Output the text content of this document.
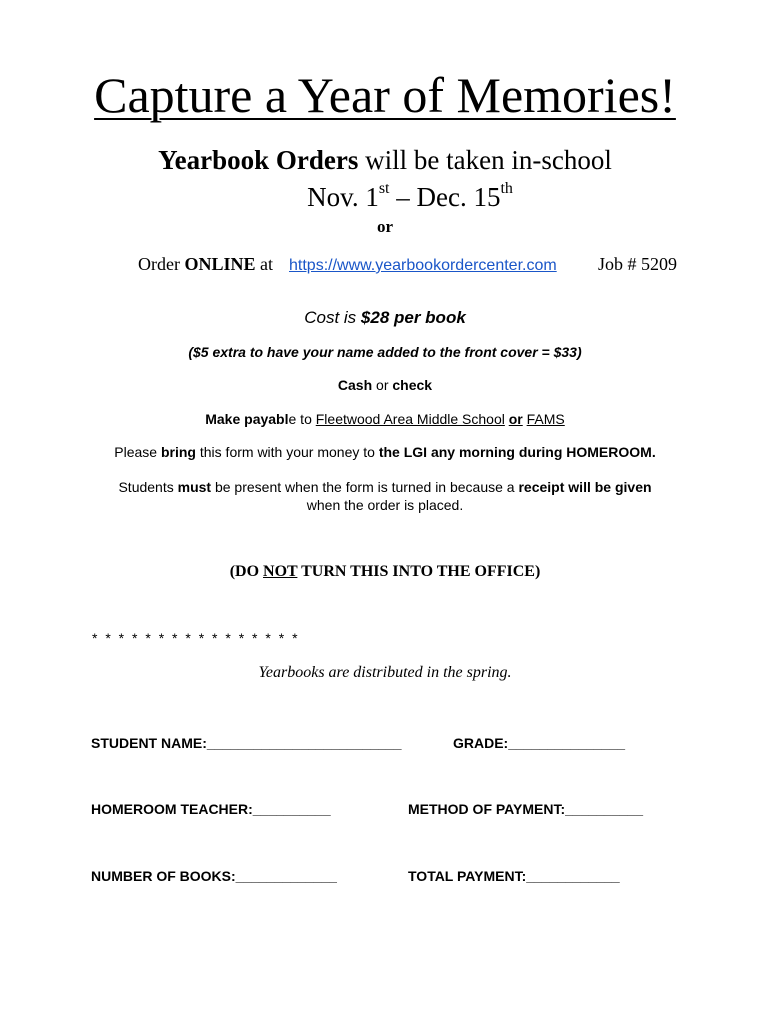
Capture a Year of Memories!
Yearbook Orders will be taken in-school
Nov. 1st – Dec. 15th
or
Order ONLINE at https://www.yearbookordercenter.com Job # 5209
Cost is $28 per book
($5 extra to have your name added to the front cover = $33)
Cash or check
Make payable to Fleetwood Area Middle School or FAMS
Please bring this form with your money to the LGI any morning during HOMEROOM.
Students must be present when the form is turned in because a receipt will be given
when the order is placed.
(DO NOT TURN THIS INTO THE OFFICE)
* * * * * * * * * * * * * * * *
Yearbooks are distributed in the spring.
STUDENT NAME:_________________________	GRADE:_______________
HOMEROOM TEACHER:__________	METHOD OF PAYMENT:__________
NUMBER OF BOOKS:_____________	TOTAL PAYMENT:____________
